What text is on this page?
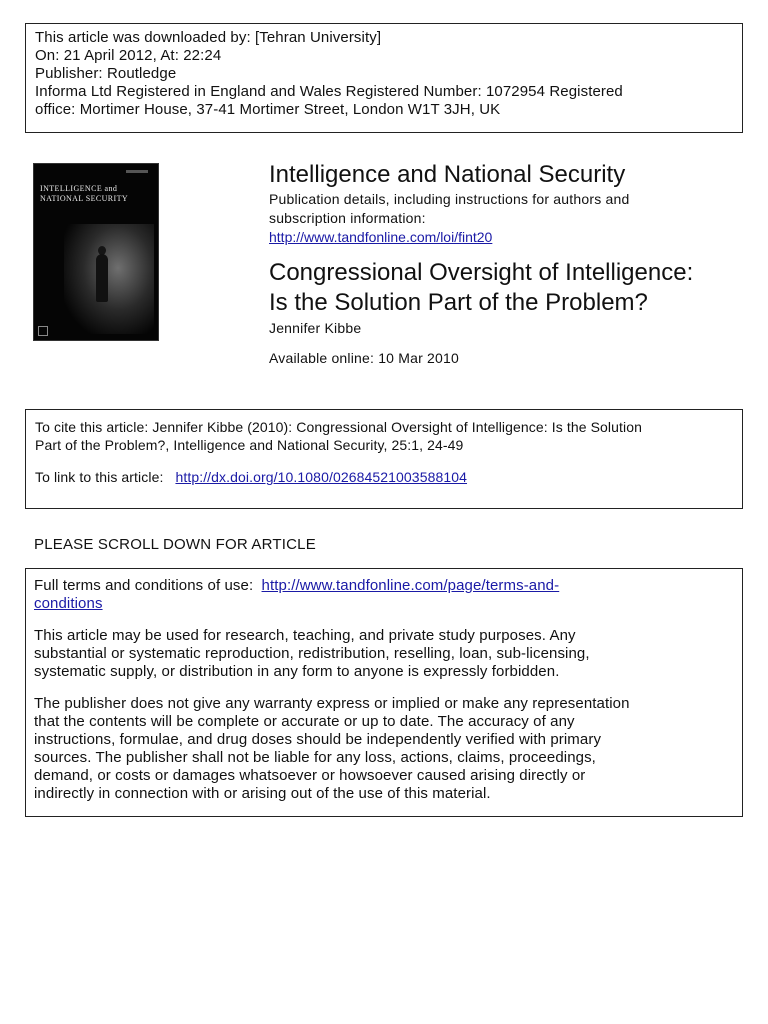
This article was downloaded by: [Tehran University]
On: 21 April 2012, At: 22:24
Publisher: Routledge
Informa Ltd Registered in England and Wales Registered Number: 1072954 Registered
office: Mortimer House, 37-41 Mortimer Street, London W1T 3JH, UK
INTELLIGENCE and
NATIONAL SECURITY
Intelligence and National Security
Publication details, including instructions for authors and
subscription information:
http://www.tandfonline.com/loi/fint20
Congressional Oversight of Intelligence:
Is the Solution Part of the Problem?
Jennifer Kibbe
Available online: 10 Mar 2010
To cite this article: Jennifer Kibbe (2010): Congressional Oversight of Intelligence: Is the Solution
Part of the Problem?, Intelligence and National Security, 25:1, 24-49
To link to this article: http://dx.doi.org/10.1080/02684521003588104
PLEASE SCROLL DOWN FOR ARTICLE
Full terms and conditions of use: http://www.tandfonline.com/page/terms-and-
conditions
This article may be used for research, teaching, and private study purposes. Any
substantial or systematic reproduction, redistribution, reselling, loan, sub-licensing,
systematic supply, or distribution in any form to anyone is expressly forbidden.
The publisher does not give any warranty express or implied or make any representation
that the contents will be complete or accurate or up to date. The accuracy of any
instructions, formulae, and drug doses should be independently verified with primary
sources. The publisher shall not be liable for any loss, actions, claims, proceedings,
demand, or costs or damages whatsoever or howsoever caused arising directly or
indirectly in connection with or arising out of the use of this material.
